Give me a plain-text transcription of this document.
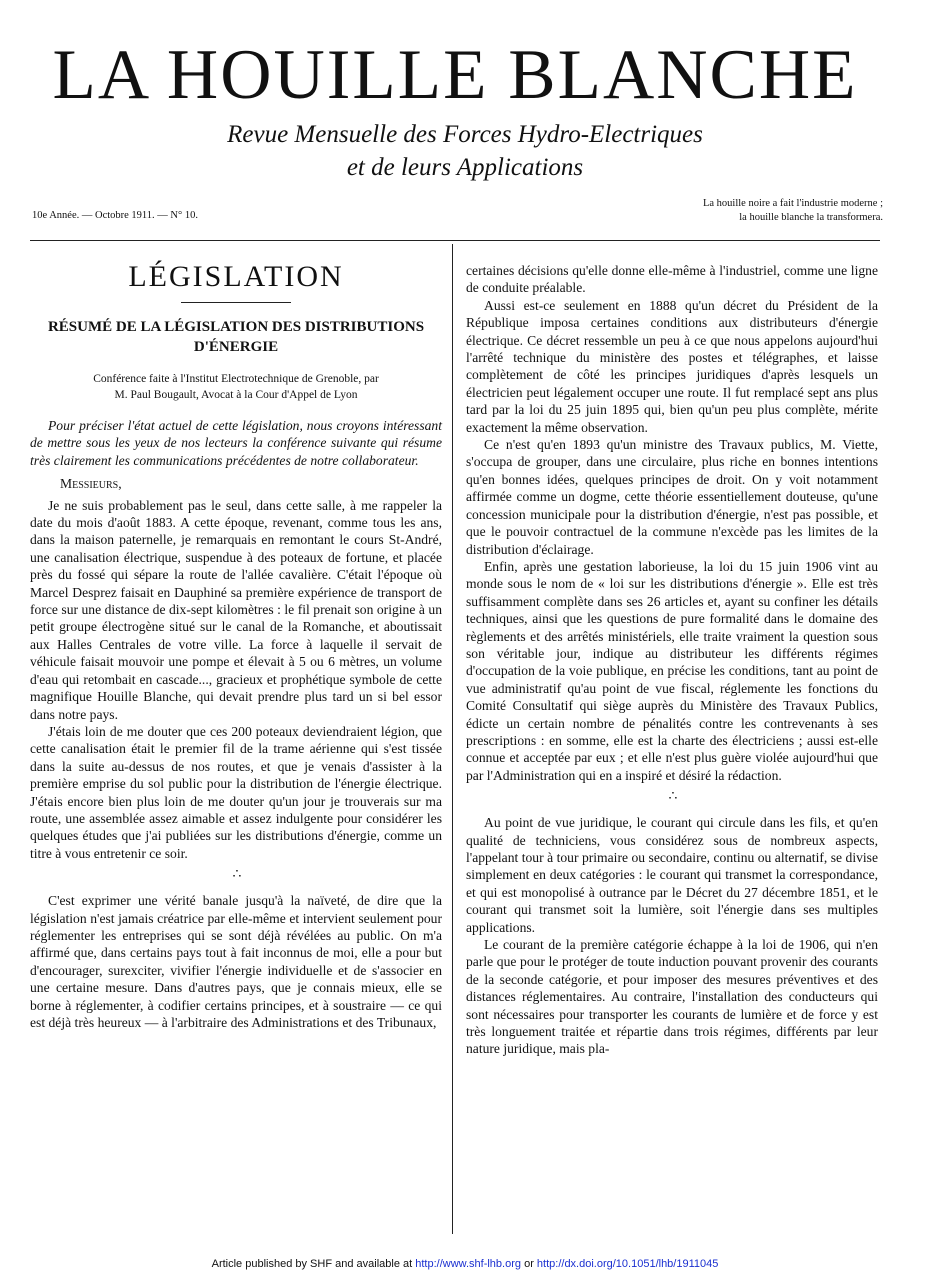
LA HOUILLE BLANCHE
Revue Mensuelle des Forces Hydro-Electriques
et de leurs Applications
10e Année. — Octobre 1911. — N° 10.
La houille noire a fait l'industrie moderne ;
la houille blanche la transformera.
LÉGISLATION
RÉSUMÉ DE LA LÉGISLATION DES DISTRIBUTIONS
D'ÉNERGIE
Conférence faite à l'Institut Electrotechnique de Grenoble, par
M. Paul Bougault, Avocat à la Cour d'Appel de Lyon

Pour préciser l'état actuel de cette législation, nous croyons intéressant de mettre sous les yeux de nos lecteurs la conférence suivante qui résume très clairement les communications précédentes de notre collaborateur.

Messieurs,

Je ne suis probablement pas le seul, dans cette salle, à me rappeler la date du mois d'août 1883. A cette époque, revenant, comme tous les ans, dans la maison paternelle, je remarquais en remontant le cours St-André, une canalisation électrique, suspendue à des poteaux de fortune, et placée près du fossé qui sépare la route de l'allée cavalière. C'était l'époque où Marcel Desprez faisait en Dauphiné sa première expérience de transport de force sur une distance de dix-sept kilomètres : le fil prenait son origine à un petit groupe électrogène situé sur le canal de la Romanche, et aboutissait aux Halles Centrales de votre ville. La force à laquelle il servait de véhicule faisait mouvoir une pompe et élevait à 5 ou 6 mètres, un volume d'eau qui retombait en cascade..., gracieux et prophétique symbole de cette magnifique Houille Blanche, qui devait prendre plus tard un si bel essor dans notre pays.

J'étais loin de me douter que ces 200 poteaux deviendraient légion, que cette canalisation était le premier fil de la trame aérienne qui s'est tissée dans la suite au-dessus de nos routes, et que je venais d'assister à la première emprise du sol public pour la distribution de l'énergie électrique. J'étais encore bien plus loin de me douter qu'un jour je trouverais sur ma route, une assemblée assez aimable et assez indulgente pour considérer les quelques études que j'ai publiées sur les distributions d'énergie, comme un titre à vous entretenir ce soir.

∴

C'est exprimer une vérité banale jusqu'à la naïveté, de dire que la législation n'est jamais créatrice par elle-même et intervient seulement pour réglementer les entreprises qui se sont déjà révélées au public. On m'a affirmé que, dans certains pays tout à fait inconnus de moi, elle a pour but d'encourager, surexciter, vivifier l'énergie individuelle et de s'associer en une certaine mesure. Dans d'autres pays, que je connais mieux, elle se borne à réglementer, à codifier certains principes, et à soustraire — ce qui est déjà très heureux — à l'arbitraire des Administrations et des Tribunaux,

certaines décisions qu'elle donne elle-même à l'industriel, comme une ligne de conduite préalable.

Aussi est-ce seulement en 1888 qu'un décret du Président de la République imposa certaines conditions aux distributeurs d'énergie électrique. Ce décret ressemble un peu à ce que nous appelons aujourd'hui l'arrêté technique du ministère des postes et télégraphes, et laisse complètement de côté les principes juridiques d'après lesquels un électricien peut légalement occuper une route. Il fut remplacé sept ans plus tard par la loi du 25 juin 1895 qui, bien qu'un peu plus complète, mérite exactement la même observation.

Ce n'est qu'en 1893 qu'un ministre des Travaux publics, M. Viette, s'occupa de grouper, dans une circulaire, plus riche en bonnes intentions qu'en bonnes idées, quelques principes de droit. On y voit notamment affirmée comme un dogme, cette théorie essentiellement douteuse, qu'une concession municipale pour la distribution d'énergie, n'est pas possible, et que le pouvoir contractuel de la commune n'excède pas les limites de la distribution d'éclairage.

Enfin, après une gestation laborieuse, la loi du 15 juin 1906 vint au monde sous le nom de « loi sur les distributions d'énergie ». Elle est très suffisamment complète dans ses 26 articles et, ayant su confiner les détails techniques, ainsi que les questions de pure formalité dans le domaine des règlements et des arrêtés ministériels, elle traite vraiment la question sous son véritable jour, indique au distributeur les différents régimes d'occupation de la voie publique, en précise les conditions, tant au point de vue administratif qu'au point de vue fiscal, réglemente les fonctions du Comité Consultatif qui siège auprès du Ministère des Travaux Publics, édicte un certain nombre de pénalités contre les contrevenants à ses prescriptions : en somme, elle est la charte des électriciens ; aussi est-elle connue et acceptée par eux ; et elle n'est plus guère violée aujourd'hui que par l'Administration qui en a inspiré et désiré la rédaction.

∴

Au point de vue juridique, le courant qui circule dans les fils, et qu'en qualité de techniciens, vous considérez sous de nombreux aspects, l'appelant tour à tour primaire ou secondaire, continu ou alternatif, se divise simplement en deux catégories : le courant qui transmet la correspondance, et qui est monopolisé à outrance par le Décret du 27 décembre 1851, et le courant qui transmet soit la lumière, soit l'énergie dans ses multiples applications.

Le courant de la première catégorie échappe à la loi de 1906, qui n'en parle que pour le protéger de toute induction pouvant provenir des courants de la seconde catégorie, et pour imposer des mesures préventives et des distances réglementaires. Au contraire, l'installation des conducteurs qui sont nécessaires pour transporter les courants de lumière et de force y est très longuement traitée et répartie dans trois régimes, différents par leur nature juridique, mais pla-

Article published by SHF and available at http://www.shf-lhb.org or http://dx.doi.org/10.1051/lhb/1911045
